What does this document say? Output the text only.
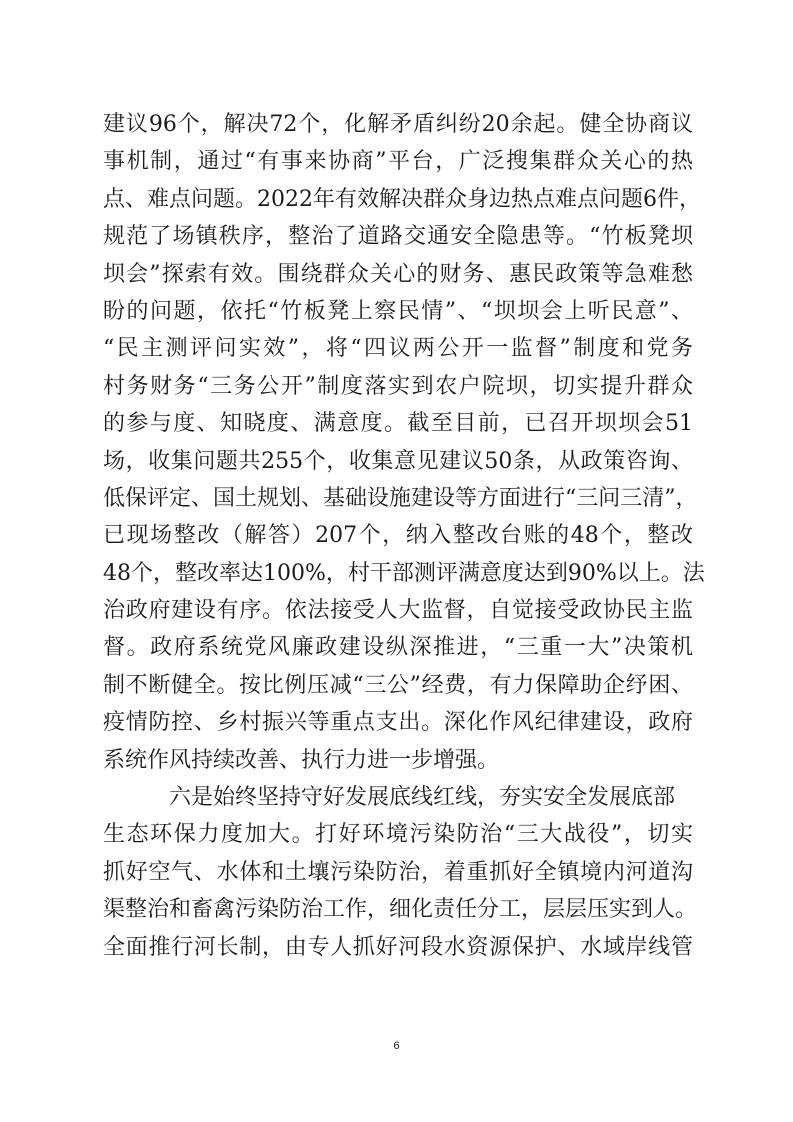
建议96个，解决72个，化解矛盾纠纷20余起。健全协商议
事机制，通过“有事来协商”平台，广泛搜集群众关心的热
点、难点问题。2022年有效解决群众身边热点难点问题6件，
规范了场镇秩序，整治了道路交通安全隐患等。“竹板凳坝
坝会”探索有效。围绕群众关心的财务、惠民政策等急难愁
盼的问题，依托“竹板凳上察民情”、“坝坝会上听民意”、
“民主测评问实效”，将“四议两公开一监督”制度和党务
村务财务“三务公开”制度落实到农户院坝，切实提升群众
的参与度、知晓度、满意度。截至目前，已召开坝坝会51
场，收集问题共255个，收集意见建议50条，从政策咨询、
低保评定、国土规划、基础设施建设等方面进行“三问三清”，
已现场整改（解答）207个，纳入整改台账的48个，整改
48个，整改率达100%，村干部测评满意度达到90%以上。法
治政府建设有序。依法接受人大监督，自觉接受政协民主监
督。政府系统党风廉政建设纵深推进，“三重一大”决策机
制不断健全。按比例压减“三公”经费，有力保障助企纾困、
疫情防控、乡村振兴等重点支出。深化作风纪律建设，政府
系统作风持续改善、执行力进一步增强。
六是始终坚持守好发展底线红线，夯实安全发展底部
生态环保力度加大。打好环境污染防治“三大战役”，切实
抓好空气、水体和土壤污染防治，着重抓好全镇境内河道沟
渠整治和畜禽污染防治工作，细化责任分工，层层压实到人。
全面推行河长制，由专人抓好河段水资源保护、水域岸线管
6
